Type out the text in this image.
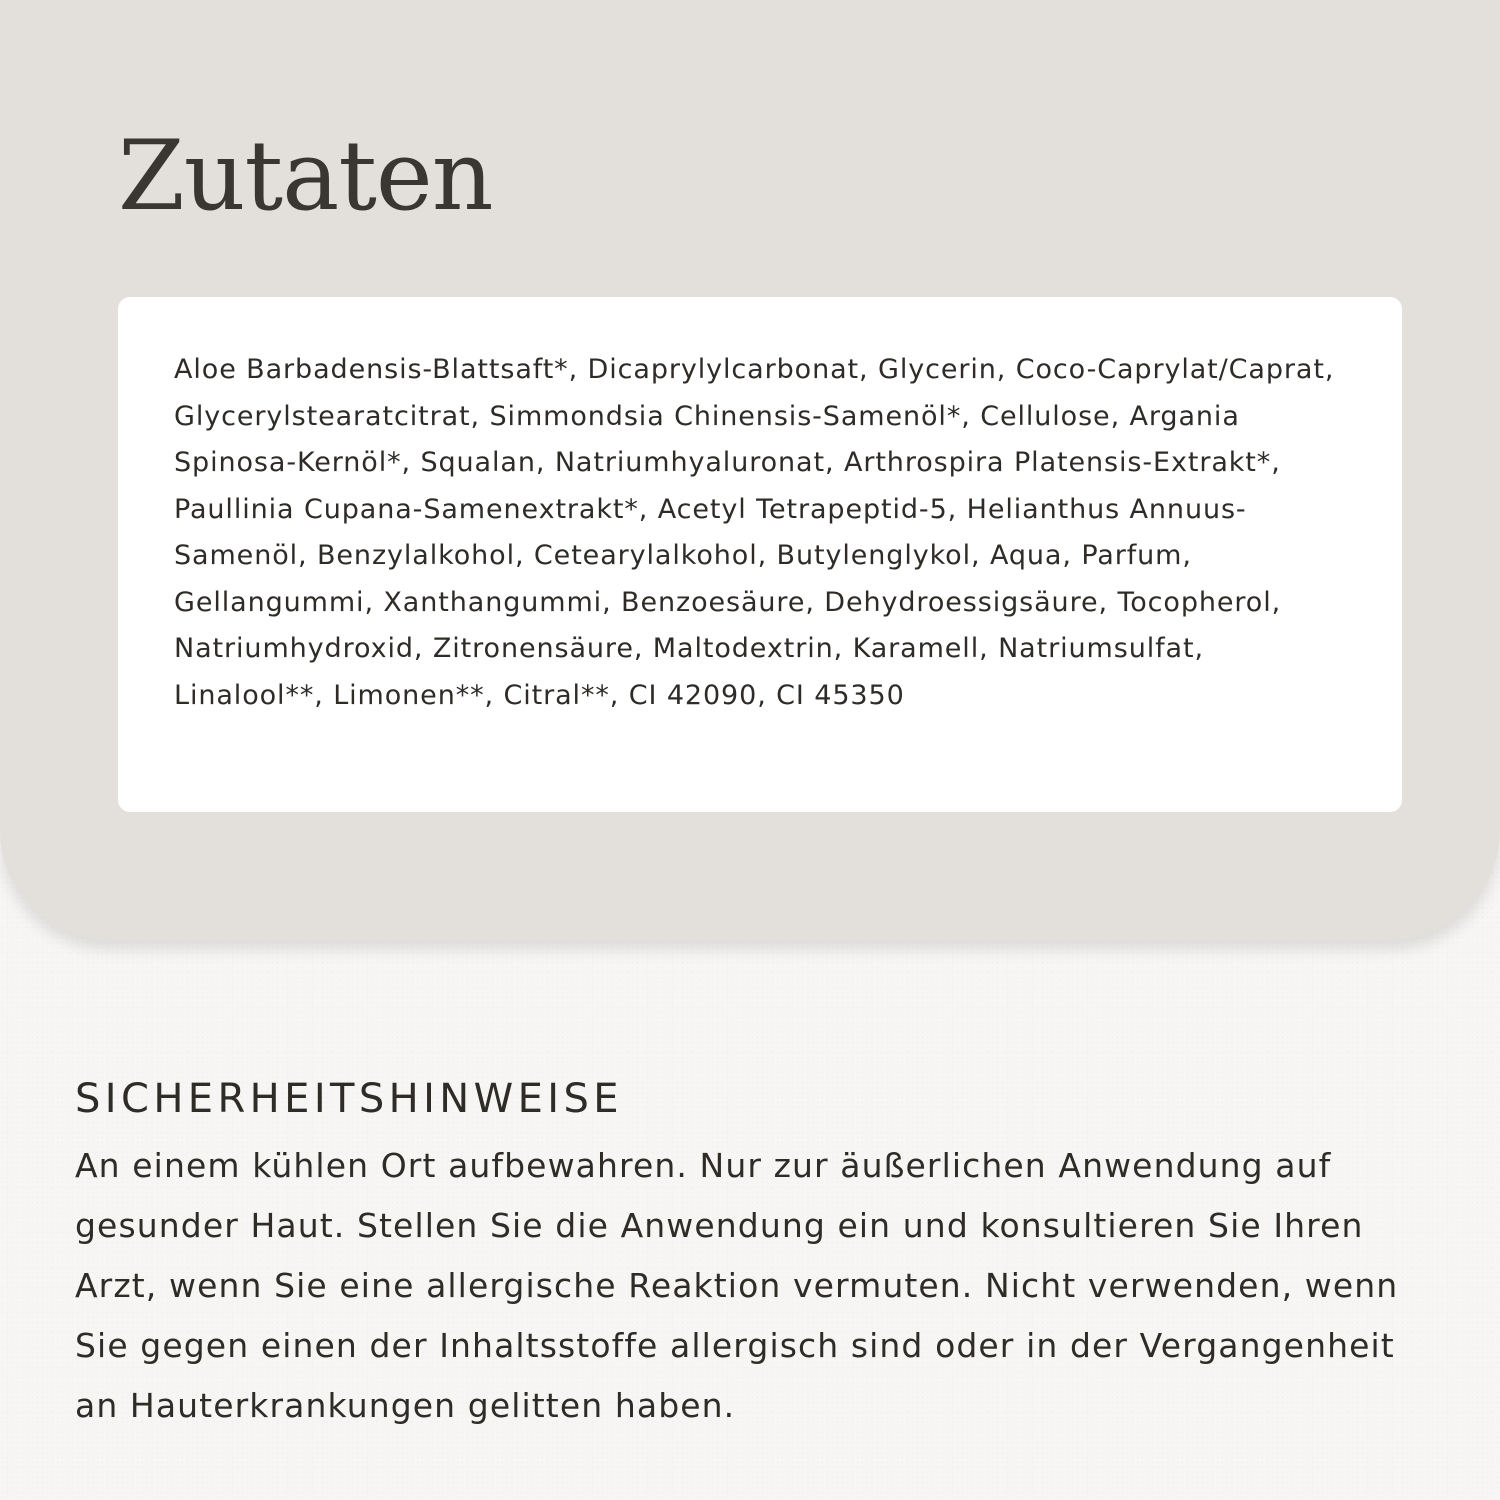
Zutaten

Aloe Barbadensis-Blattsaft*, Dicaprylylcarbonat, Glycerin, Coco-Caprylat/Caprat, Glycerylstearatcitrat, Simmondsia Chinensis-Samenöl*, Cellulose, Argania Spinosa-Kernöl*, Squalan, Natriumhyaluronat, Arthrospira Platensis-Extrakt*, Paullinia Cupana-Samenextrakt*, Acetyl Tetrapeptid-5, Helianthus Annuus-Samenöl, Benzylalkohol, Cetearylalkohol, Butylenglykol, Aqua, Parfum, Gellangummi, Xanthangummi, Benzoesäure, Dehydroessigsäure, Tocopherol, Natriumhydroxid, Zitronensäure, Maltodextrin, Karamell, Natriumsulfat, Linalool**, Limonen**, Citral**, CI 42090, CI 45350

SICHERHEITSHINWEISE

An einem kühlen Ort aufbewahren. Nur zur äußerlichen Anwendung auf gesunder Haut. Stellen Sie die Anwendung ein und konsultieren Sie Ihren Arzt, wenn Sie eine allergische Reaktion vermuten. Nicht verwenden, wenn Sie gegen einen der Inhaltsstoffe allergisch sind oder in der Vergangenheit an Hauterkrankungen gelitten haben.
